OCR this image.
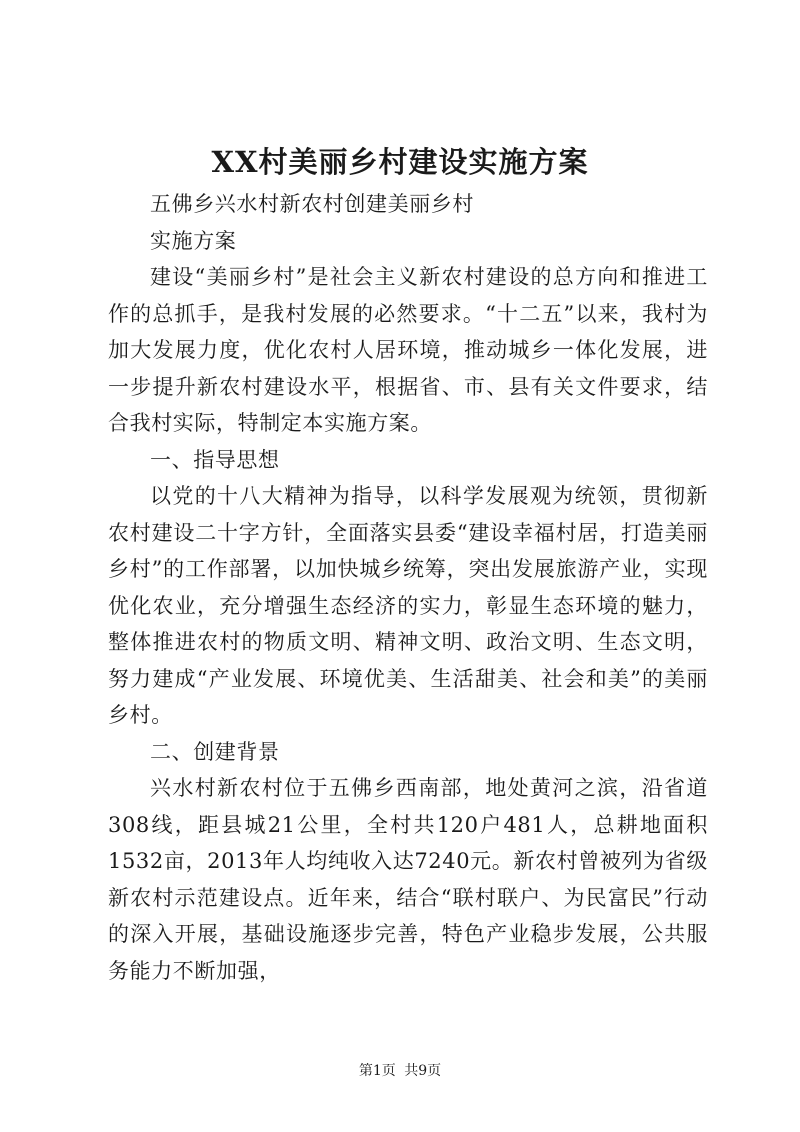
XX村美丽乡村建设实施方案

五佛乡兴水村新农村创建美丽乡村

实施方案

建设“美丽乡村”是社会主义新农村建设的总方向和推进工作的总抓手，是我村发展的必然要求。“十二五”以来，我村为加大发展力度，优化农村人居环境，推动城乡一体化发展，进一步提升新农村建设水平，根据省、市、县有关文件要求，结合我村实际，特制定本实施方案。

一、指导思想

以党的十八大精神为指导，以科学发展观为统领，贯彻新农村建设二十字方针，全面落实县委“建设幸福村居，打造美丽乡村”的工作部署，以加快城乡统筹，突出发展旅游产业，实现优化农业，充分增强生态经济的实力，彰显生态环境的魅力，整体推进农村的物质文明、精神文明、政治文明、生态文明，努力建成“产业发展、环境优美、生活甜美、社会和美”的美丽乡村。

二、创建背景

兴水村新农村位于五佛乡西南部，地处黄河之滨，沿省道308线，距县城21公里，全村共120户481人，总耕地面积1532亩，2013年人均纯收入达7240元。新农村曾被列为省级新农村示范建设点。近年来，结合“联村联户、为民富民”行动的深入开展，基础设施逐步完善，特色产业稳步发展，公共服务能力不断加强，

第1页 共9页
